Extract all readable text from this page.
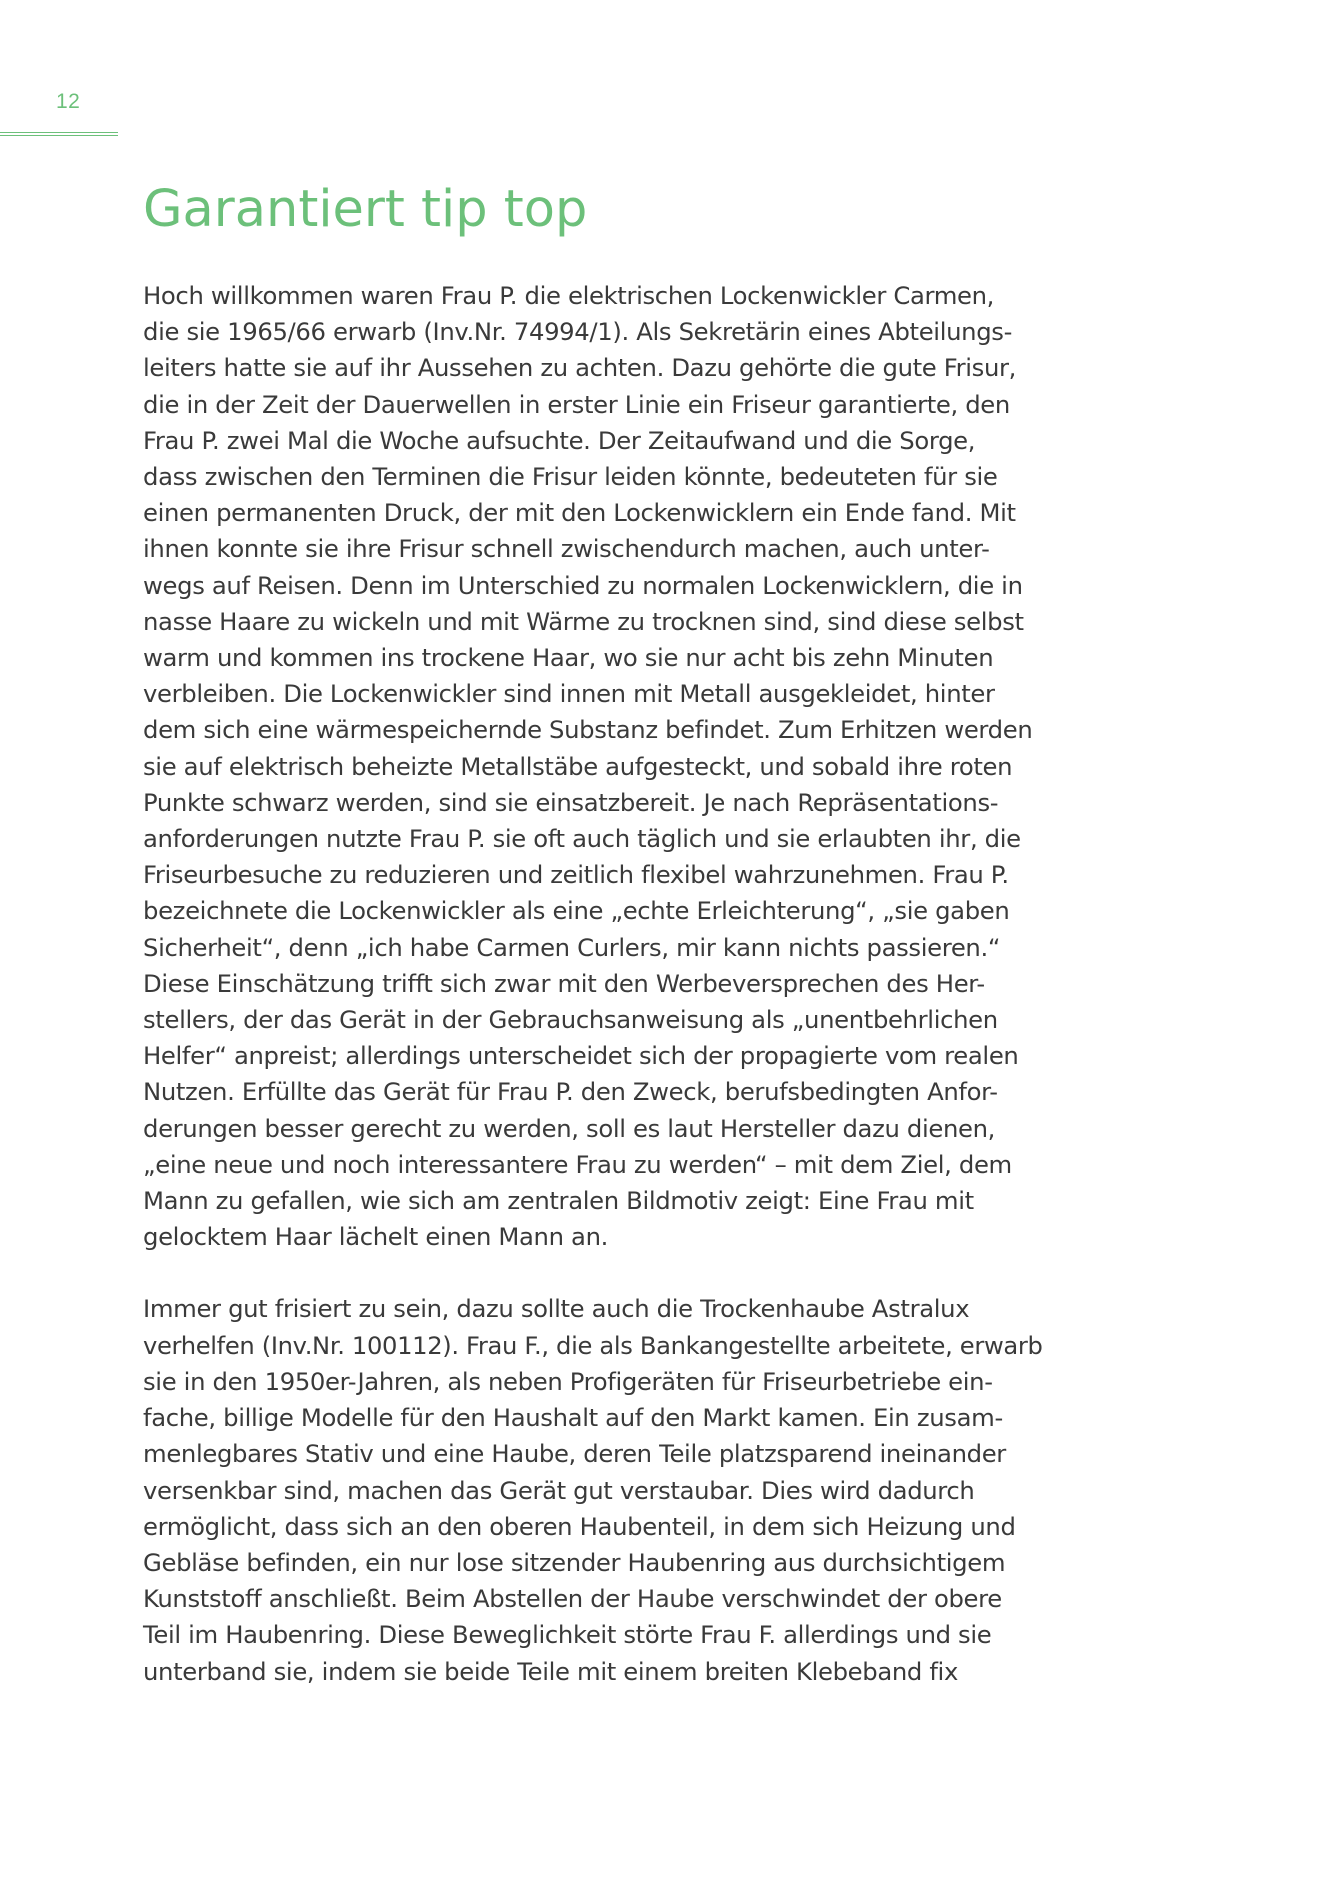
12
Garantiert tip top
Hoch willkommen waren Frau P. die elektrischen Lockenwickler Carmen,
die sie 1965/66 erwarb (Inv.Nr. 74994/1). Als Sekretärin eines Abteilungs-
leiters hatte sie auf ihr Aussehen zu achten. Dazu gehörte die gute Frisur,
die in der Zeit der Dauerwellen in erster Linie ein Friseur garantierte, den
Frau P. zwei Mal die Woche aufsuchte. Der Zeitaufwand und die Sorge,
dass zwischen den Terminen die Frisur leiden könnte, bedeuteten für sie
einen permanenten Druck, der mit den Lockenwicklern ein Ende fand. Mit
ihnen konnte sie ihre Frisur schnell zwischendurch machen, auch unter-
wegs auf Reisen. Denn im Unterschied zu normalen Lockenwicklern, die in
nasse Haare zu wickeln und mit Wärme zu trocknen sind, sind diese selbst
warm und kommen ins trockene Haar, wo sie nur acht bis zehn Minuten
verbleiben. Die Lockenwickler sind innen mit Metall ausgekleidet, hinter
dem sich eine wärmespeichernde Substanz befindet. Zum Erhitzen werden
sie auf elektrisch beheizte Metallstäbe aufgesteckt, und sobald ihre roten
Punkte schwarz werden, sind sie einsatzbereit. Je nach Repräsentations-
anforderungen nutzte Frau P. sie oft auch täglich und sie erlaubten ihr, die
Friseurbesuche zu reduzieren und zeitlich flexibel wahrzunehmen. Frau P.
bezeichnete die Lockenwickler als eine „echte Erleichterung“, „sie gaben
Sicherheit“, denn „ich habe Carmen Curlers, mir kann nichts passieren.“
Diese Einschätzung trifft sich zwar mit den Werbeversprechen des Her-
stellers, der das Gerät in der Gebrauchsanweisung als „unentbehrlichen
Helfer“ anpreist; allerdings unterscheidet sich der propagierte vom realen
Nutzen. Erfüllte das Gerät für Frau P. den Zweck, berufsbedingten Anfor-
derungen besser gerecht zu werden, soll es laut Hersteller dazu dienen,
„eine neue und noch interessantere Frau zu werden“ – mit dem Ziel, dem
Mann zu gefallen, wie sich am zentralen Bildmotiv zeigt: Eine Frau mit
gelocktem Haar lächelt einen Mann an.
Immer gut frisiert zu sein, dazu sollte auch die Trockenhaube Astralux
verhelfen (Inv.Nr. 100112). Frau F., die als Bankangestellte arbeitete, erwarb
sie in den 1950er-Jahren, als neben Profigeräten für Friseurbetriebe ein-
fache, billige Modelle für den Haushalt auf den Markt kamen. Ein zusam-
menlegbares Stativ und eine Haube, deren Teile platzsparend ineinander
versenkbar sind, machen das Gerät gut verstaubar. Dies wird dadurch
ermöglicht, dass sich an den oberen Haubenteil, in dem sich Heizung und
Gebläse befinden, ein nur lose sitzender Haubenring aus durchsichtigem
Kunststoff anschließt. Beim Abstellen der Haube verschwindet der obere
Teil im Haubenring. Diese Beweglichkeit störte Frau F. allerdings und sie
unterband sie, indem sie beide Teile mit einem breiten Klebeband fix
